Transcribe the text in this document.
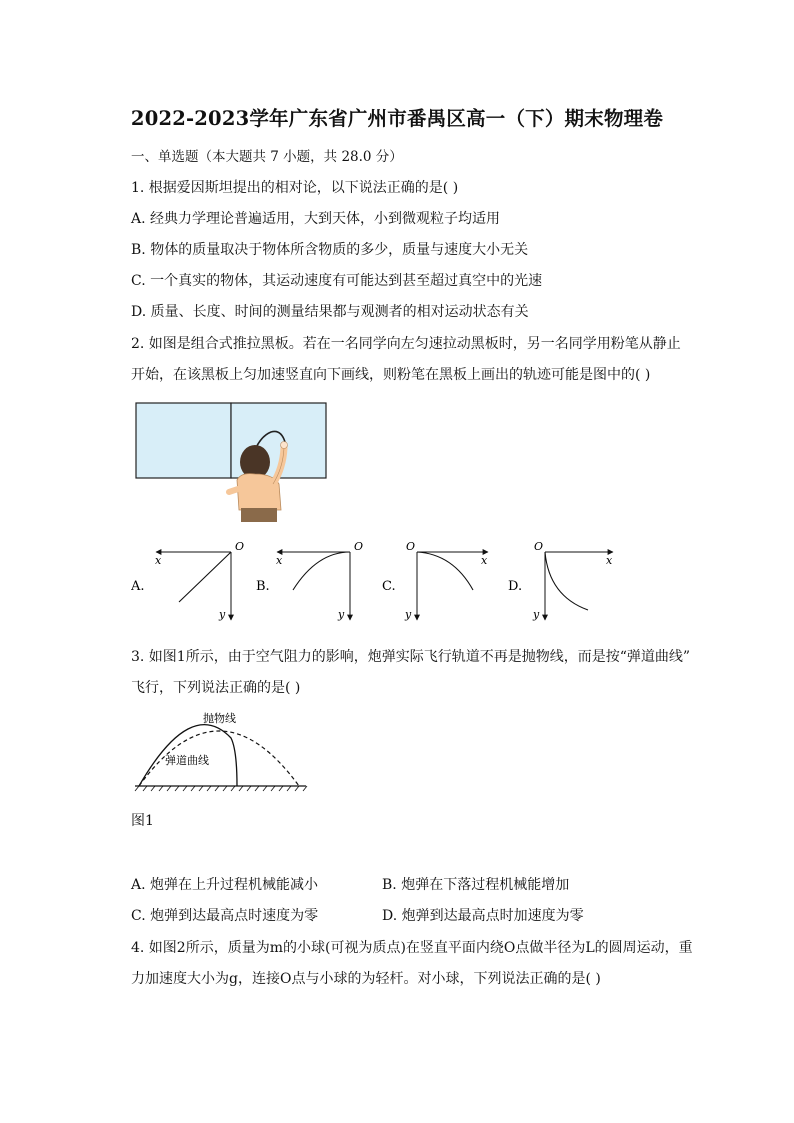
2022-2023学年广东省广州市番禺区高一（下）期末物理卷
一、单选题（本大题共 7 小题，共 28.0 分）
1. 根据爱因斯坦提出的相对论，以下说法正确的是( )
A. 经典力学理论普遍适用，大到天体，小到微观粒子均适用
B. 物体的质量取决于物体所含物质的多少，质量与速度大小无关
C. 一个真实的物体，其运动速度有可能达到甚至超过真空中的光速
D. 质量、长度、时间的测量结果都与观测者的相对运动状态有关
2. 如图是组合式推拉黑板。若在一名同学向左匀速拉动黑板时，另一名同学用粉笔从静止
开始，在该黑板上匀加速竖直向下画线，则粉笔在黑板上画出的轨迹可能是图中的( )
O
x
y
A.
O
x
y
B.
O
x
y
C.
O
x
y
D.
3. 如图1所示，由于空气阻力的影响，炮弹实际飞行轨道不再是抛物线，而是按“弹道曲线”
飞行，下列说法正确的是( )
抛物线
弹道曲线
图1
A. 炮弹在上升过程机械能减小	B. 炮弹在下落过程机械能增加
C. 炮弹到达最高点时速度为零	D. 炮弹到达最高点时加速度为零
4. 如图2所示，质量为m的小球(可视为质点)在竖直平面内绕O点做半径为L的圆周运动，重
力加速度大小为g，连接O点与小球的为轻杆。对小球，下列说法正确的是( )
